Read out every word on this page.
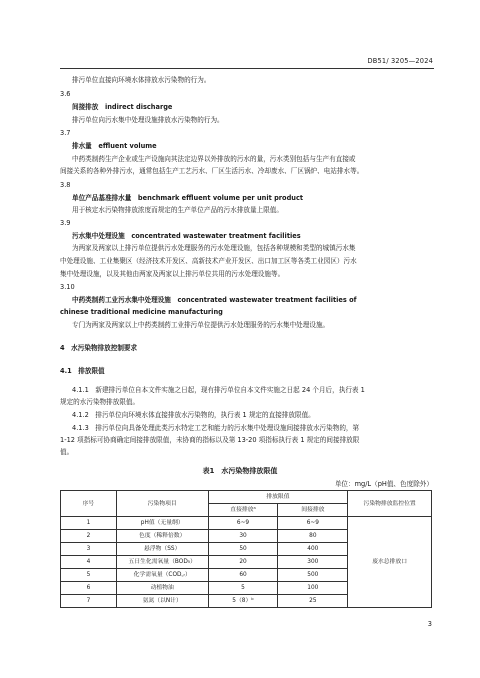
DB51/ 3205—2024
排污单位直接向环境水体排放水污染物的行为。
3.6
间接排放　indirect discharge
排污单位向污水集中处理设施排放水污染物的行为。
3.7
排水量　effluent volume
中药类制药生产企业或生产设施向其法定边界以外排放的污水的量，污水类别包括与生产有直接或
间接关系的各种外排污水，通常包括生产工艺污水、厂区生活污水、冷却废水、厂区锅炉、电站排水等。
3.8
单位产品基准排水量　benchmark effluent volume per unit product
用于核定水污染物排放浓度而规定的生产单位产品的污水排放量上限值。
3.9
污水集中处理设施　concentrated wastewater treatment facilities
为两家及两家以上排污单位提供污水处理服务的污水处理设施，包括各种规模和类型的城镇污水集
中处理设施、工业集聚区（经济技术开发区、高新技术产业开发区、出口加工区等各类工业园区）污水
集中处理设施，以及其他由两家及两家以上排污单位共用的污水处理设施等。
3.10
中药类制药工业污水集中处理设施　concentrated wastewater treatment facilities of
chinese traditional medicine manufacturing
专门为两家及两家以上中药类制药工业排污单位提供污水处理服务的污水集中处理设施。
4　水污染物排放控制要求
4.1　排放限值
4.1.1　新建排污单位自本文件实施之日起，现有排污单位自本文件实施之日起 24 个月后，执行表 1
规定的水污染物排放限值。
4.1.2　排污单位向环境水体直接排放水污染物的，执行表 1 规定的直接排放限值。
4.1.3　排污单位向具备处理此类污水特定工艺和能力的污水集中处理设施间接排放水污染物的，第
1-12 项指标可协商确定间接排放限值，未协商的指标以及第 13-20 项指标执行表 1 规定的间接排放限
值。
表1　水污染物排放限值
单位：mg/L（pH值、色度除外）
序号	污染物项目	排放限值		污染物排放监控位置
		直接排放ᵃ	间接排放	
1	pH值（无量纲）	6~9	6~9	废水总排放口
2	色度（稀释倍数）	30	80	
3	悬浮物（SS）	50	400	
4	五日生化需氧量（BOD₅）	20	300	
5	化学需氧量（COD꜀ᵣ）	60	500	
6	动植物油	5	100	
7	氨氮（以N计）	5（8）ᵇ	25	
3
